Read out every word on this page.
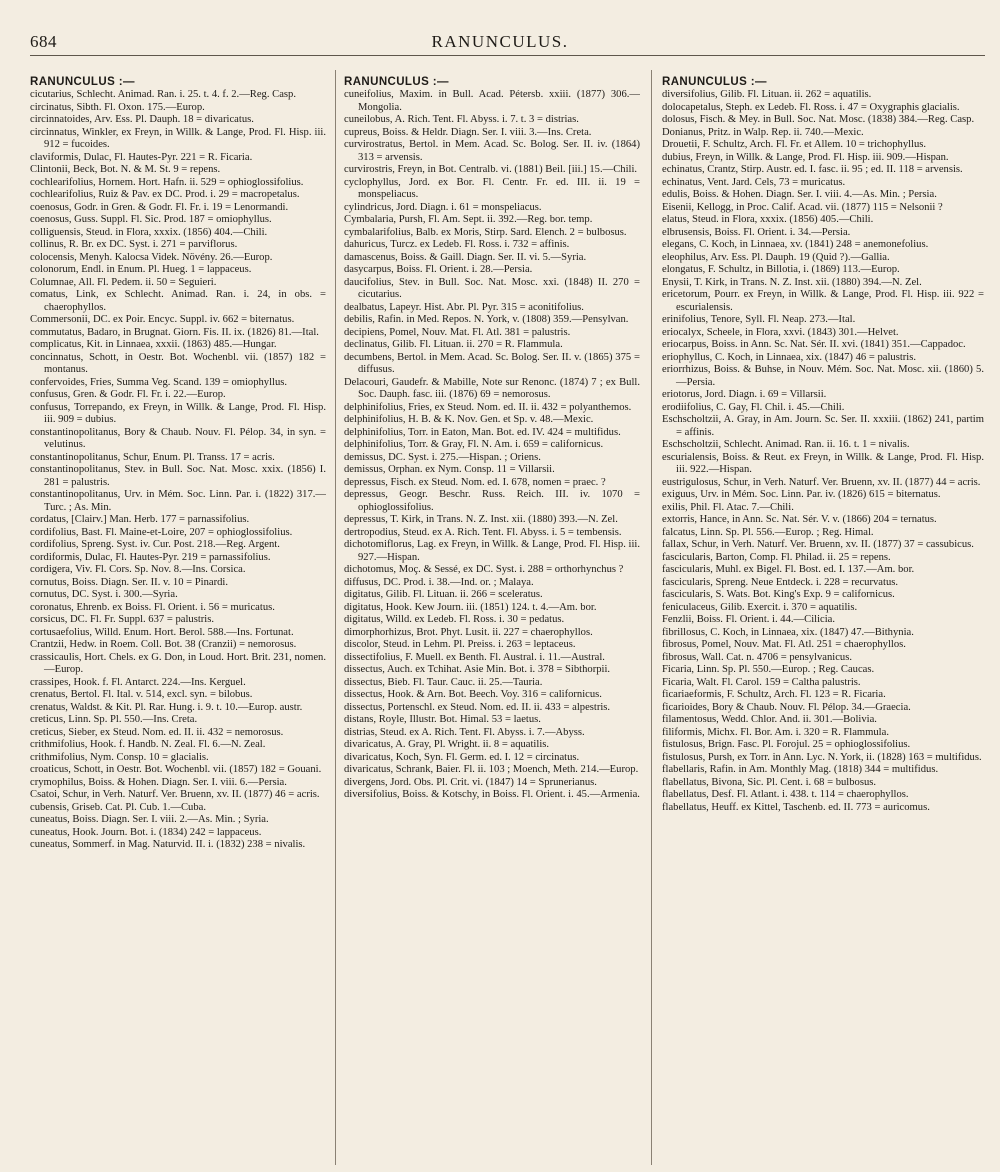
684	RANUNCULUS.
RANUNCULUS :—

cicutarius, Schlecht. Animad. Ran. i. 25. t. 4. f. 2.—Reg. Casp.

circinatus, Sibth. Fl. Oxon. 175.—Europ.

circinnatoides, Arv. Ess. Pl. Dauph. 18 = divaricatus.

circinnatus, Winkler, ex Freyn, in Willk. & Lange, Prod. Fl. Hisp. iii. 912 = fucoides.

claviformis, Dulac, Fl. Hautes-Pyr. 221 = R. Ficaria.

Clintonii, Beck, Bot. N. & M. St. 9 = repens.

cochlearifolius, Hornem. Hort. Hafn. ii. 529 = ophioglossifolius.

cochlearifolius, Ruiz & Pav. ex DC. Prod. i. 29 = macropetalus.

coenosus, Godr. in Gren. & Godr. Fl. Fr. i. 19 = Lenormandi.

coenosus, Guss. Suppl. Fl. Sic. Prod. 187 = omiophyllus.

colliguensis, Steud. in Flora, xxxix. (1856) 404.—Chili.

collinus, R. Br. ex DC. Syst. i. 271 = parviflorus.

colocensis, Menyh. Kalocsa Videk. Növény. 26.—Europ.

colonorum, Endl. in Enum. Pl. Hueg. 1 = lappaceus.

Columnae, All. Fl. Pedem. ii. 50 = Seguieri.

comatus, Link, ex Schlecht. Animad. Ran. i. 24, in obs. = chaerophyllos.

Commersonii, DC. ex Poir. Encyc. Suppl. iv. 662 = biternatus.

commutatus, Badaro, in Brugnat. Giorn. Fis. II. ix. (1826) 81.—Ital.

complicatus, Kit. in Linnaea, xxxii. (1863) 485.—Hungar.

concinnatus, Schott, in Oestr. Bot. Wochenbl. vii. (1857) 182 = montanus.

confervoides, Fries, Summa Veg. Scand. 139 = omiophyllus.

confusus, Gren. & Godr. Fl. Fr. i. 22.—Europ.

confusus, Torrepando, ex Freyn, in Willk. & Lange, Prod. Fl. Hisp. iii. 909 = dubius.

constantinopolitanus, Bory & Chaub. Nouv. Fl. Pélop. 34, in syn. = velutinus.

constantinopolitanus, Schur, Enum. Pl. Transs. 17 = acris.

constantinopolitanus, Stev. in Bull. Soc. Nat. Mosc. xxix. (1856) I. 281 = palustris.

constantinopolitanus, Urv. in Mém. Soc. Linn. Par. i. (1822) 317.—Turc. ; As. Min.

cordatus, [Clairv.] Man. Herb. 177 = parnassifolius.

cordifolius, Bast. Fl. Maine-et-Loire, 207 = ophioglossifolius.

cordifolius, Spreng. Syst. iv. Cur. Post. 218.—Reg. Argent.

cordiformis, Dulac, Fl. Hautes-Pyr. 219 = parnassifolius.

cordigera, Viv. Fl. Cors. Sp. Nov. 8.—Ins. Corsica.

cornutus, Boiss. Diagn. Ser. II. v. 10 = Pinardi.

cornutus, DC. Syst. i. 300.—Syria.

coronatus, Ehrenb. ex Boiss. Fl. Orient. i. 56 = muricatus.

corsicus, DC. Fl. Fr. Suppl. 637 = palustris.

cortusaefolius, Willd. Enum. Hort. Berol. 588.—Ins. Fortunat.

Crantzii, Hedw. in Roem. Coll. Bot. 38 (Cranzii) = nemorosus.

crassicaulis, Hort. Chels. ex G. Don, in Loud. Hort. Brit. 231, nomen.—Europ.

crassipes, Hook. f. Fl. Antarct. 224.—Ins. Kerguel.

crenatus, Bertol. Fl. Ital. v. 514, excl. syn. = bilobus.

crenatus, Waldst. & Kit. Pl. Rar. Hung. i. 9. t. 10.—Europ. austr.

creticus, Linn. Sp. Pl. 550.—Ins. Creta.

creticus, Sieber, ex Steud. Nom. ed. II. ii. 432 = nemorosus.

crithmifolius, Hook. f. Handb. N. Zeal. Fl. 6.—N. Zeal.

crithmifolius, Nym. Consp. 10 = glacialis.

croaticus, Schott, in Oestr. Bot. Wochenbl. vii. (1857) 182 = Gouani.

crymophilus, Boiss. & Hohen. Diagn. Ser. I. viii. 6.—Persia.

Csatoi, Schur, in Verh. Naturf. Ver. Bruenn, xv. II. (1877) 46 = acris.

cubensis, Griseb. Cat. Pl. Cub. 1.—Cuba.

cuneatus, Boiss. Diagn. Ser. I. viii. 2.—As. Min. ; Syria.

cuneatus, Hook. Journ. Bot. i. (1834) 242 = lappaceus.

cuneatus, Sommerf. in Mag. Naturvid. II. i. (1832) 238 = nivalis.

RANUNCULUS :—

cuneifolius, Maxim. in Bull. Acad. Pétersb. xxiii. (1877) 306.—Mongolia.

cuneilobus, A. Rich. Tent. Fl. Abyss. i. 7. t. 3 = distrias.

cupreus, Boiss. & Heldr. Diagn. Ser. I. viii. 3.—Ins. Creta.

curvirostratus, Bertol. in Mem. Acad. Sc. Bolog. Ser. II. iv. (1864) 313 = arvensis.

curvirostris, Freyn, in Bot. Centralb. vi. (1881) Beil. [iii.] 15.—Chili.

cyclophyllus, Jord. ex Bor. Fl. Centr. Fr. ed. III. ii. 19 = monspeliacus.

cylindricus, Jord. Diagn. i. 61 = monspeliacus.

Cymbalaria, Pursh, Fl. Am. Sept. ii. 392.—Reg. bor. temp.

cymbalarifolius, Balb. ex Moris, Stirp. Sard. Elench. 2 = bulbosus.

dahuricus, Turcz. ex Ledeb. Fl. Ross. i. 732 = affinis.

damascenus, Boiss. & Gaill. Diagn. Ser. II. vi. 5.—Syria.

dasycarpus, Boiss. Fl. Orient. i. 28.—Persia.

daucifolius, Stev. in Bull. Soc. Nat. Mosc. xxi. (1848) II. 270 = cicutarius.

dealbatus, Lapeyr. Hist. Abr. Pl. Pyr. 315 = aconitifolius.

debilis, Rafin. in Med. Repos. N. York, v. (1808) 359.—Pensylvan.

decipiens, Pomel, Nouv. Mat. Fl. Atl. 381 = palustris.

declinatus, Gilib. Fl. Lituan. ii. 270 = R. Flammula.

decumbens, Bertol. in Mem. Acad. Sc. Bolog. Ser. II. v. (1865) 375 = diffusus.

Delacouri, Gaudefr. & Mabille, Note sur Renonc. (1874) 7 ; ex Bull. Soc. Dauph. fasc. iii. (1876) 69 = nemorosus.

delphinifolius, Fries, ex Steud. Nom. ed. II. ii. 432 = polyanthemos.

delphinifolius, H. B. & K. Nov. Gen. et Sp. v. 48.—Mexic.

delphinifolius, Torr. in Eaton, Man. Bot. ed. IV. 424 = multifidus.

delphinifolius, Torr. & Gray, Fl. N. Am. i. 659 = californicus.

demissus, DC. Syst. i. 275.—Hispan. ; Oriens.

demissus, Orphan. ex Nym. Consp. 11 = Villarsii.

depressus, Fisch. ex Steud. Nom. ed. I. 678, nomen = praec. ?

depressus, Geogr. Beschr. Russ. Reich. III. iv. 1070 = ophioglossifolius.

depressus, T. Kirk, in Trans. N. Z. Inst. xii. (1880) 393.—N. Zel.

dertropodius, Steud. ex A. Rich. Tent. Fl. Abyss. i. 5 = tembensis.

dichotomiflorus, Lag. ex Freyn, in Willk. & Lange, Prod. Fl. Hisp. iii. 927.—Hispan.

dichotomus, Moç. & Sessé, ex DC. Syst. i. 288 = orthorhynchus ?

diffusus, DC. Prod. i. 38.—Ind. or. ; Malaya.

digitatus, Gilib. Fl. Lituan. ii. 266 = sceleratus.

digitatus, Hook. Kew Journ. iii. (1851) 124. t. 4.—Am. bor.

digitatus, Willd. ex Ledeb. Fl. Ross. i. 30 = pedatus.

dimorphorhizus, Brot. Phyt. Lusit. ii. 227 = chaerophyllos.

discolor, Steud. in Lehm. Pl. Preiss. i. 263 = leptaceus.

dissectifolius, F. Muell. ex Benth. Fl. Austral. i. 11.—Austral.

dissectus, Auch. ex Tchihat. Asie Min. Bot. i. 378 = Sibthorpii.

dissectus, Bieb. Fl. Taur. Cauc. ii. 25.—Tauria.

dissectus, Hook. & Arn. Bot. Beech. Voy. 316 = californicus.

dissectus, Portenschl. ex Steud. Nom. ed. II. ii. 433 = alpestris.

distans, Royle, Illustr. Bot. Himal. 53 = laetus.

distrias, Steud. ex A. Rich. Tent. Fl. Abyss. i. 7.—Abyss.

divaricatus, A. Gray, Pl. Wright. ii. 8 = aquatilis.

divaricatus, Koch, Syn. Fl. Germ. ed. I. 12 = circinatus.

divaricatus, Schrank, Baier. Fl. ii. 103 ; Moench, Meth. 214.—Europ.

divergens, Jord. Obs. Pl. Crit. vi. (1847) 14 = Sprunerianus.

diversifolius, Boiss. & Kotschy, in Boiss. Fl. Orient. i. 45.—Armenia.

RANUNCULUS :—

diversifolius, Gilib. Fl. Lituan. ii. 262 = aquatilis.

dolocapetalus, Steph. ex Ledeb. Fl. Ross. i. 47 = Oxygraphis glacialis.

dolosus, Fisch. & Mey. in Bull. Soc. Nat. Mosc. (1838) 384.—Reg. Casp.

Donianus, Pritz. in Walp. Rep. ii. 740.—Mexic.

Drouetii, F. Schultz, Arch. Fl. Fr. et Allem. 10 = trichophyllus.

dubius, Freyn, in Willk. & Lange, Prod. Fl. Hisp. iii. 909.—Hispan.

echinatus, Crantz, Stirp. Austr. ed. I. fasc. ii. 95 ; ed. II. 118 = arvensis.

echinatus, Vent. Jard. Cels, 73 = muricatus.

edulis, Boiss. & Hohen. Diagn. Ser. I. viii. 4.—As. Min. ; Persia.

Eisenii, Kellogg, in Proc. Calif. Acad. vii. (1877) 115 = Nelsonii ?

elatus, Steud. in Flora, xxxix. (1856) 405.—Chili.

elbrusensis, Boiss. Fl. Orient. i. 34.—Persia.

elegans, C. Koch, in Linnaea, xv. (1841) 248 = anemonefolius.

eleophilus, Arv. Ess. Pl. Dauph. 19 (Quid ?).—Gallia.

elongatus, F. Schultz, in Billotia, i. (1869) 113.—Europ.

Enysii, T. Kirk, in Trans. N. Z. Inst. xii. (1880) 394.—N. Zel.

ericetorum, Pourr. ex Freyn, in Willk. & Lange, Prod. Fl. Hisp. iii. 922 = escurialensis.

erinifolius, Tenore, Syll. Fl. Neap. 273.—Ital.

eriocalyx, Scheele, in Flora, xxvi. (1843) 301.—Helvet.

eriocarpus, Boiss. in Ann. Sc. Nat. Sér. II. xvi. (1841) 351.—Cappadoc.

eriophyllus, C. Koch, in Linnaea, xix. (1847) 46 = palustris.

eriorrhizus, Boiss. & Buhse, in Nouv. Mém. Soc. Nat. Mosc. xii. (1860) 5.—Persia.

eriotorus, Jord. Diagn. i. 69 = Villarsii.

erodiifolius, C. Gay, Fl. Chil. i. 45.—Chili.

Eschscholtzii, A. Gray, in Am. Journ. Sc. Ser. II. xxxiii. (1862) 241, partim = affinis.

Eschscholtzii, Schlecht. Animad. Ran. ii. 16. t. 1 = nivalis.

escurialensis, Boiss. & Reut. ex Freyn, in Willk. & Lange, Prod. Fl. Hisp. iii. 922.—Hispan.

eustrigulosus, Schur, in Verh. Naturf. Ver. Bruenn, xv. II. (1877) 44 = acris.

exiguus, Urv. in Mém. Soc. Linn. Par. iv. (1826) 615 = biternatus.

exilis, Phil. Fl. Atac. 7.—Chili.

extorris, Hance, in Ann. Sc. Nat. Sér. V. v. (1866) 204 = ternatus.

falcatus, Linn. Sp. Pl. 556.—Europ. ; Reg. Himal.

fallax, Schur, in Verh. Naturf. Ver. Bruenn, xv. II. (1877) 37 = cassubicus.

fascicularis, Barton, Comp. Fl. Philad. ii. 25 = repens.

fascicularis, Muhl. ex Bigel. Fl. Bost. ed. I. 137.—Am. bor.

fascicularis, Spreng. Neue Entdeck. i. 228 = recurvatus.

fascicularis, S. Wats. Bot. King's Exp. 9 = californicus.

feniculaceus, Gilib. Exercit. i. 370 = aquatilis.

Fenzlii, Boiss. Fl. Orient. i. 44.—Cilicia.

fibrillosus, C. Koch, in Linnaea, xix. (1847) 47.—Bithynia.

fibrosus, Pomel, Nouv. Mat. Fl. Atl. 251 = chaerophyllos.

fibrosus, Wall. Cat. n. 4706 = pensylvanicus.

Ficaria, Linn. Sp. Pl. 550.—Europ. ; Reg. Caucas.

Ficaria, Walt. Fl. Carol. 159 = Caltha palustris.

ficariaeformis, F. Schultz, Arch. Fl. 123 = R. Ficaria.

ficarioides, Bory & Chaub. Nouv. Fl. Pélop. 34.—Graecia.

filamentosus, Wedd. Chlor. And. ii. 301.—Bolivia.

filiformis, Michx. Fl. Bor. Am. i. 320 = R. Flammula.

fistulosus, Brign. Fasc. Pl. Forojul. 25 = ophioglossifolius.

fistulosus, Pursh, ex Torr. in Ann. Lyc. N. York, ii. (1828) 163 = multifidus.

flabellaris, Rafin. in Am. Monthly Mag. (1818) 344 = multifidus.

flabellatus, Bivona, Sic. Pl. Cent. i. 68 = bulbosus.

flabellatus, Desf. Fl. Atlant. i. 438. t. 114 = chaerophyllos.

flabellatus, Heuff. ex Kittel, Taschenb. ed. II. 773 = auricomus.
